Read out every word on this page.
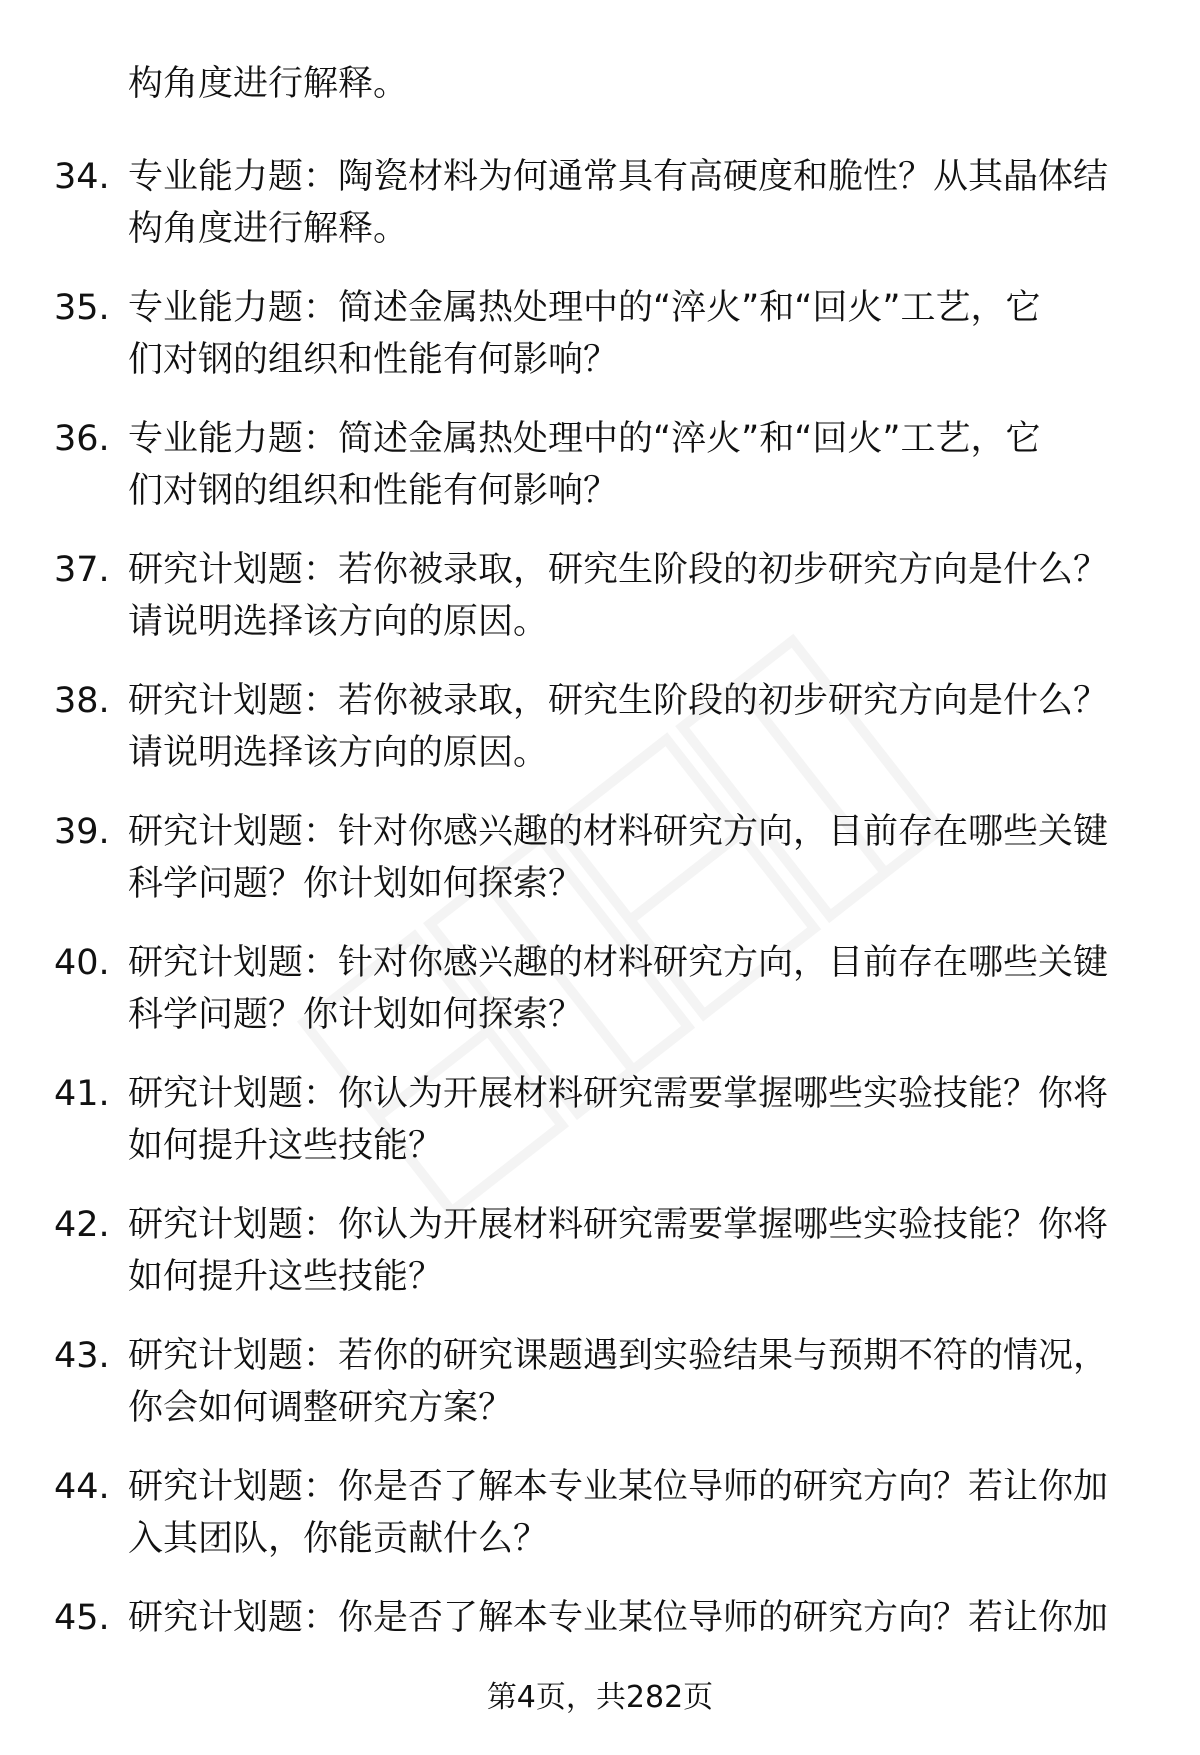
构角度进行解释。
34. 专业能力题：陶瓷材料为何通常具有高硬度和脆性？从其晶体结
构角度进行解释。
35. 专业能力题：简述金属热处理中的“淬火”和“回火”工艺，它
们对钢的组织和性能有何影响？
36. 专业能力题：简述金属热处理中的“淬火”和“回火”工艺，它
们对钢的组织和性能有何影响？
37. 研究计划题：若你被录取，研究生阶段的初步研究方向是什么？
请说明选择该方向的原因。
38. 研究计划题：若你被录取，研究生阶段的初步研究方向是什么？
请说明选择该方向的原因。
39. 研究计划题：针对你感兴趣的材料研究方向，目前存在哪些关键
科学问题？你计划如何探索？
40. 研究计划题：针对你感兴趣的材料研究方向，目前存在哪些关键
科学问题？你计划如何探索？
41. 研究计划题：你认为开展材料研究需要掌握哪些实验技能？你将
如何提升这些技能？
42. 研究计划题：你认为开展材料研究需要掌握哪些实验技能？你将
如何提升这些技能？
43. 研究计划题：若你的研究课题遇到实验结果与预期不符的情况，
你会如何调整研究方案？
44. 研究计划题：你是否了解本专业某位导师的研究方向？若让你加
入其团队，你能贡献什么？
45. 研究计划题：你是否了解本专业某位导师的研究方向？若让你加
第4页，共282页
